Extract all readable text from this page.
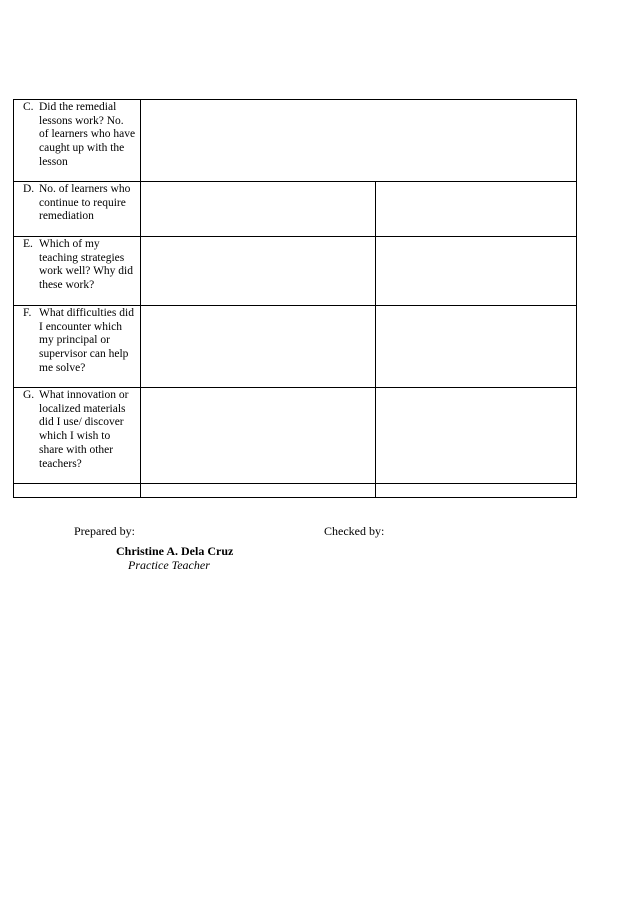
C. Did the remedial lessons work? No. of learners who have caught up with the lesson		

D. No. of learners who continue to require remediation		

E. Which of my teaching strategies work well? Why did these work?		

F. What difficulties did I encounter which my principal or supervisor can help me solve?		

G. What innovation or localized materials did I use/ discover which I wish to share with other teachers?		

Prepared by:	Checked by:
Christine A. Dela Cruz
Practice Teacher
